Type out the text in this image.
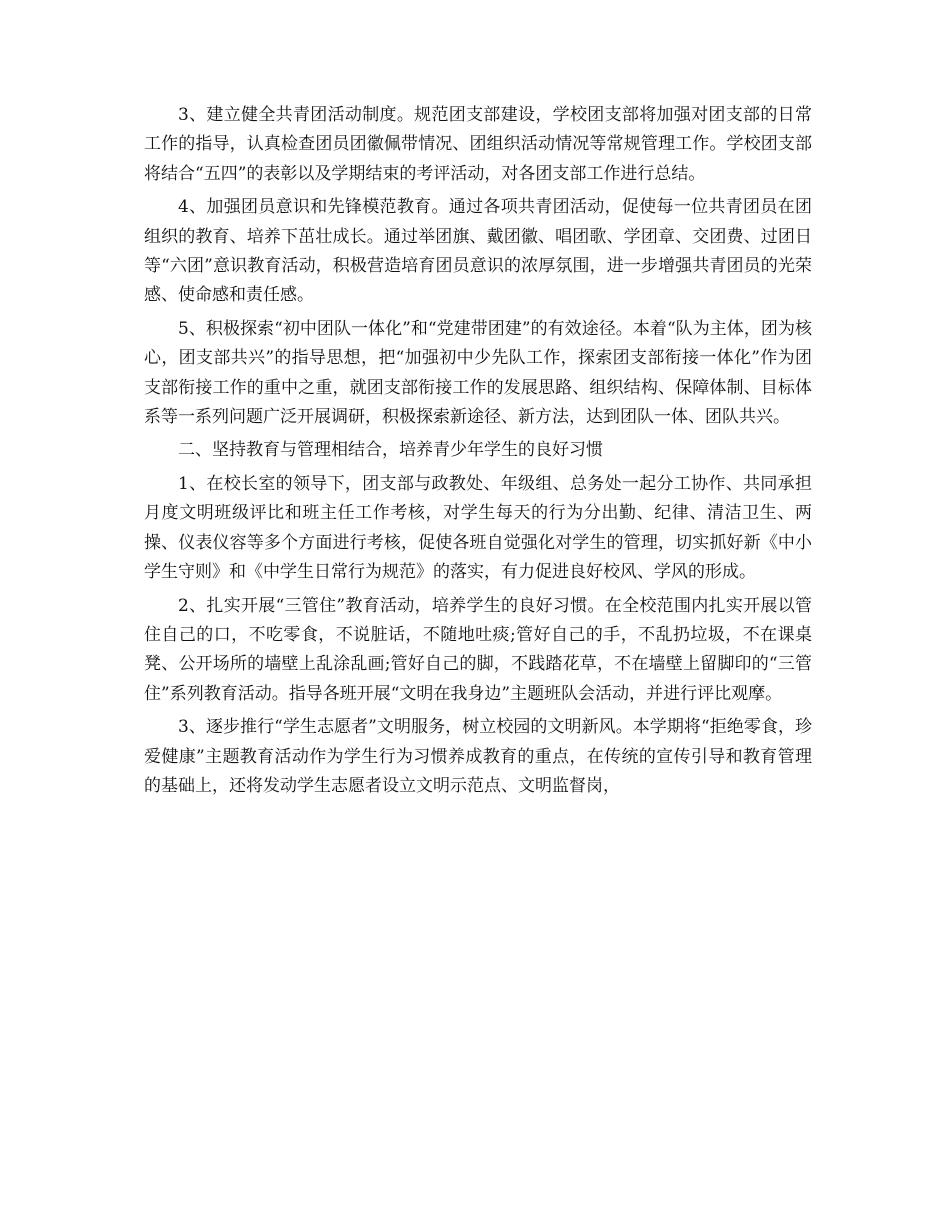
3、建立健全共青团活动制度。规范团支部建设，学校团支部将加强对团支部的日常工作的指导，认真检查团员团徽佩带情况、团组织活动情况等常规管理工作。学校团支部将结合“五四”的表彰以及学期结束的考评活动，对各团支部工作进行总结。

4、加强团员意识和先锋模范教育。通过各项共青团活动，促使每一位共青团员在团组织的教育、培养下茁壮成长。通过举团旗、戴团徽、唱团歌、学团章、交团费、过团日等“六团”意识教育活动，积极营造培育团员意识的浓厚氛围，进一步增强共青团员的光荣感、使命感和责任感。

5、积极探索“初中团队一体化”和“党建带团建”的有效途径。本着“队为主体，团为核心，团支部共兴”的指导思想，把“加强初中少先队工作，探索团支部衔接一体化”作为团支部衔接工作的重中之重，就团支部衔接工作的发展思路、组织结构、保障体制、目标体系等一系列问题广泛开展调研，积极探索新途径、新方法，达到团队一体、团队共兴。

二、坚持教育与管理相结合，培养青少年学生的良好习惯

1、在校长室的领导下，团支部与政教处、年级组、总务处一起分工协作、共同承担月度文明班级评比和班主任工作考核，对学生每天的行为分出勤、纪律、清洁卫生、两操、仪表仪容等多个方面进行考核，促使各班自觉强化对学生的管理，切实抓好新《中小学生守则》和《中学生日常行为规范》的落实，有力促进良好校风、学风的形成。

2、扎实开展“三管住”教育活动，培养学生的良好习惯。在全校范围内扎实开展以管住自己的口，不吃零食，不说脏话，不随地吐痰;管好自己的手，不乱扔垃圾，不在课桌凳、公开场所的墙壁上乱涂乱画;管好自己的脚，不践踏花草，不在墙壁上留脚印的“三管住”系列教育活动。指导各班开展“文明在我身边”主题班队会活动，并进行评比观摩。

3、逐步推行“学生志愿者”文明服务，树立校园的文明新风。本学期将“拒绝零食，珍爱健康”主题教育活动作为学生行为习惯养成教育的重点，在传统的宣传引导和教育管理的基础上，还将发动学生志愿者设立文明示范点、文明监督岗，
